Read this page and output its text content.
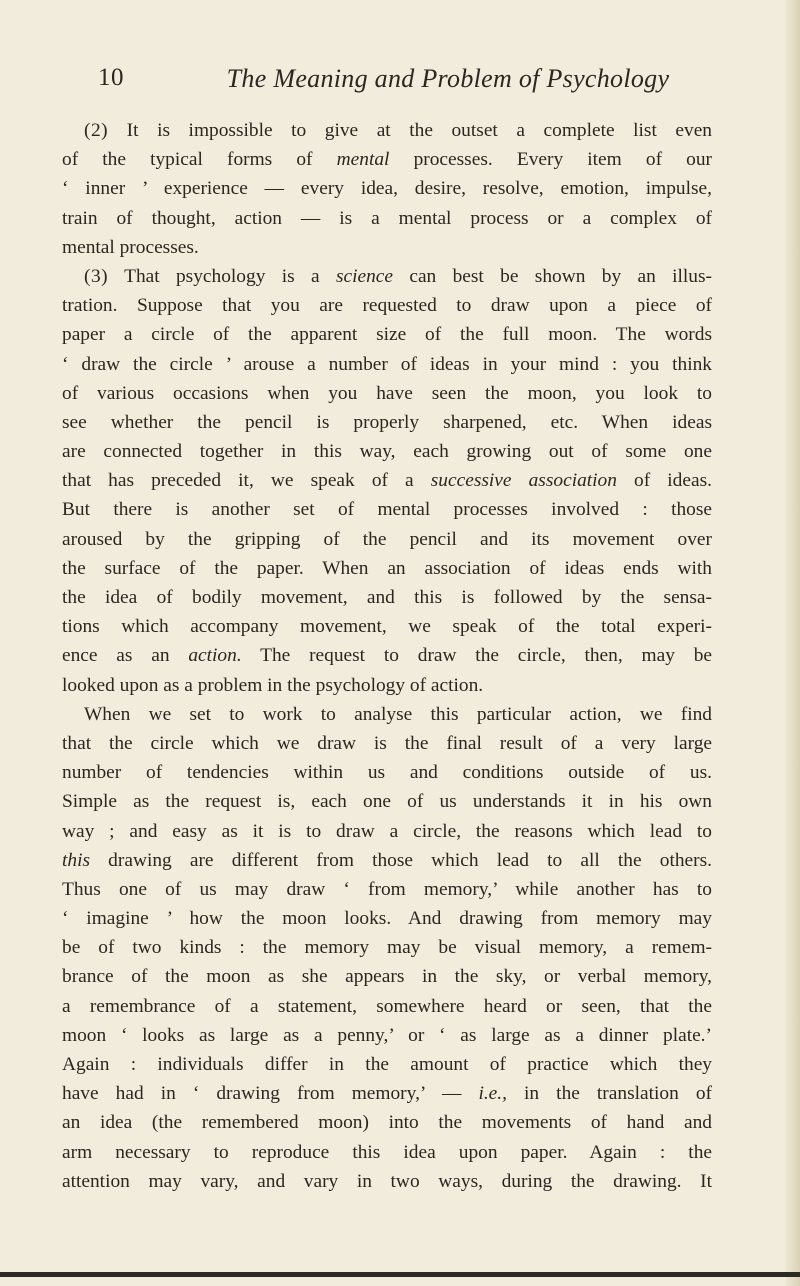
10	The Meaning and Problem of Psychology
(2) It is impossible to give at the outset a complete list even
of the typical forms of mental processes. Every item of our
‘ inner ’ experience — every idea, desire, resolve, emotion, impulse,
train of thought, action — is a mental process or a complex of
mental processes.
(3) That psychology is a science can best be shown by an illus-
tration. Suppose that you are requested to draw upon a piece of
paper a circle of the apparent size of the full moon. The words
‘ draw the circle ’ arouse a number of ideas in your mind : you think
of various occasions when you have seen the moon, you look to
see whether the pencil is properly sharpened, etc. When ideas
are connected together in this way, each growing out of some one
that has preceded it, we speak of a successive association of ideas.
But there is another set of mental processes involved : those
aroused by the gripping of the pencil and its movement over
the surface of the paper. When an association of ideas ends with
the idea of bodily movement, and this is followed by the sensa-
tions which accompany movement, we speak of the total experi-
ence as an action. The request to draw the circle, then, may be
looked upon as a problem in the psychology of action.
When we set to work to analyse this particular action, we find
that the circle which we draw is the final result of a very large
number of tendencies within us and conditions outside of us.
Simple as the request is, each one of us understands it in his own
way ; and easy as it is to draw a circle, the reasons which lead to
this drawing are different from those which lead to all the others.
Thus one of us may draw ‘ from memory,’ while another has to
‘ imagine ’ how the moon looks. And drawing from memory may
be of two kinds : the memory may be visual memory, a remem-
brance of the moon as she appears in the sky, or verbal memory,
a remembrance of a statement, somewhere heard or seen, that the
moon ‘ looks as large as a penny,’ or ‘ as large as a dinner plate.’
Again : individuals differ in the amount of practice which they
have had in ‘ drawing from memory,’ — i.e., in the translation of
an idea (the remembered moon) into the movements of hand and
arm necessary to reproduce this idea upon paper. Again : the
attention may vary, and vary in two ways, during the drawing. It
